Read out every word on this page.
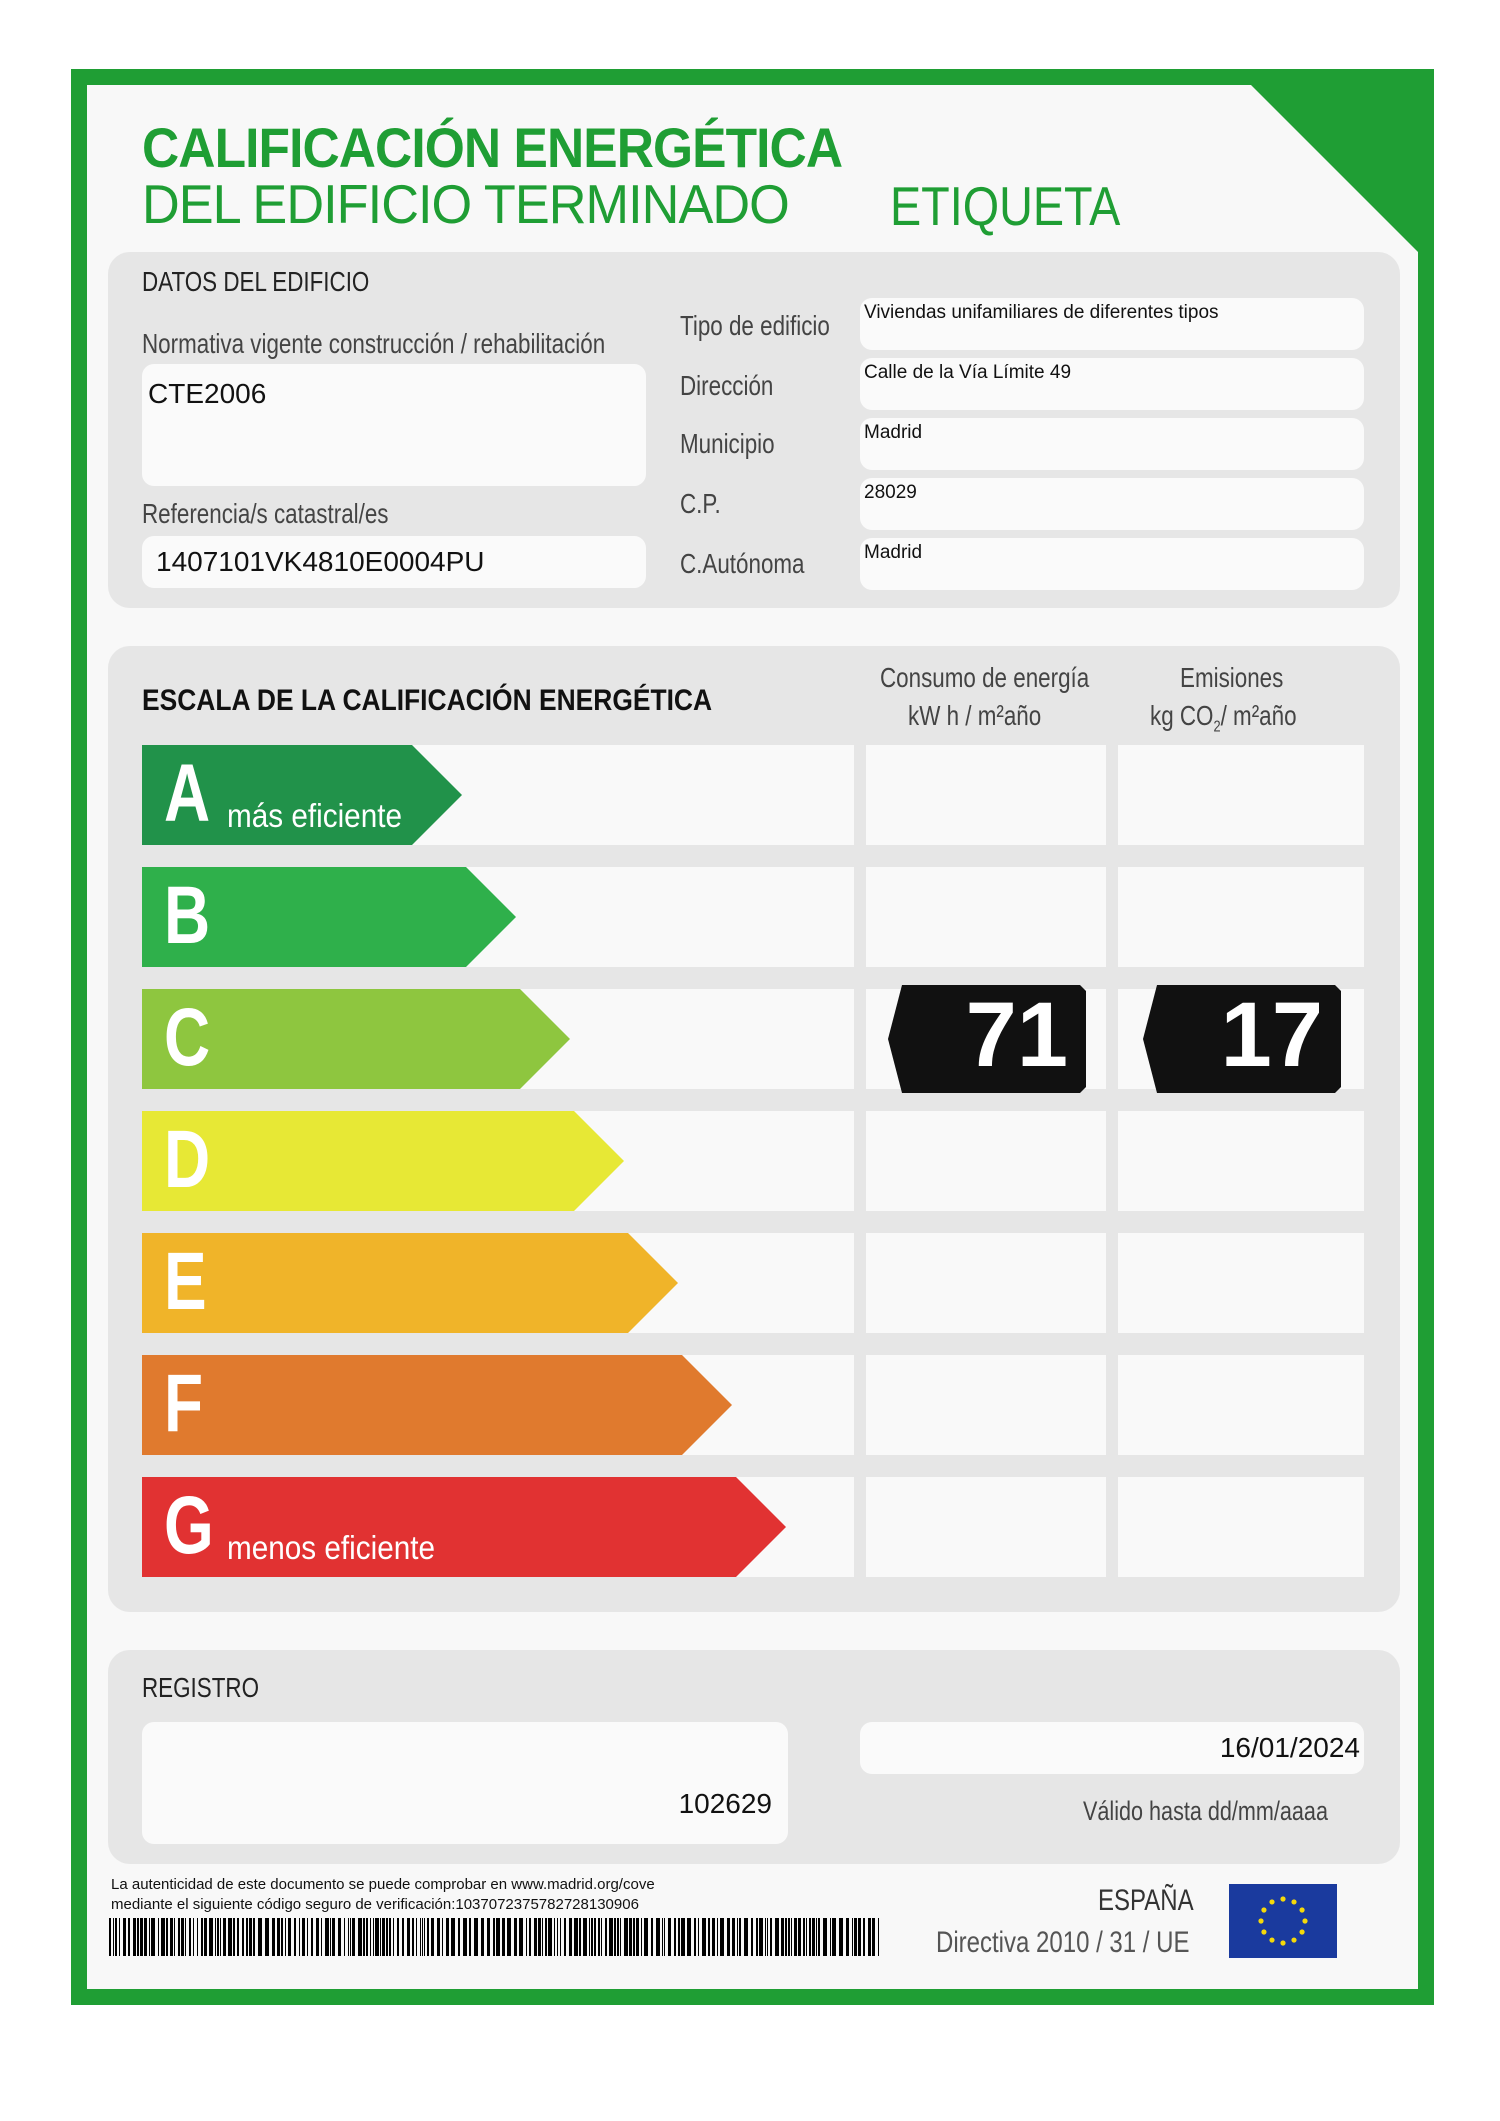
CALIFICACIÓN ENERGÉTICA
DEL EDIFICIO TERMINADO ETIQUETA
DATOS DEL EDIFICIO
Normativa vigente construcción / rehabilitación
CTE2006
Referencia/s catastral/es
1407101VK4810E0004PU
Tipo de edificio
Dirección
Municipio
C.P.
C.Autónoma
Viviendas unifamiliares de diferentes tipos
Calle de la Vía Límite 49
Madrid
28029
Madrid
ESCALA DE LA CALIFICACIÓN ENERGÉTICA
Consumo de energía
kW h / m²año
Emisiones
kg $CO_2/$ m²año
A más eficiente
B
C	71 17
D
E
F
G menos eficiente
REGISTRO
102629
16/01/2024
Válido hasta dd/mm/aaaa
La autenticidad de este documento se puede comprobar en www.madrid.org/cove
mediante el siguiente código seguro de verificación:1037072375782728130906	ESPAÑA
Directiva 2010 / 31 / UE
